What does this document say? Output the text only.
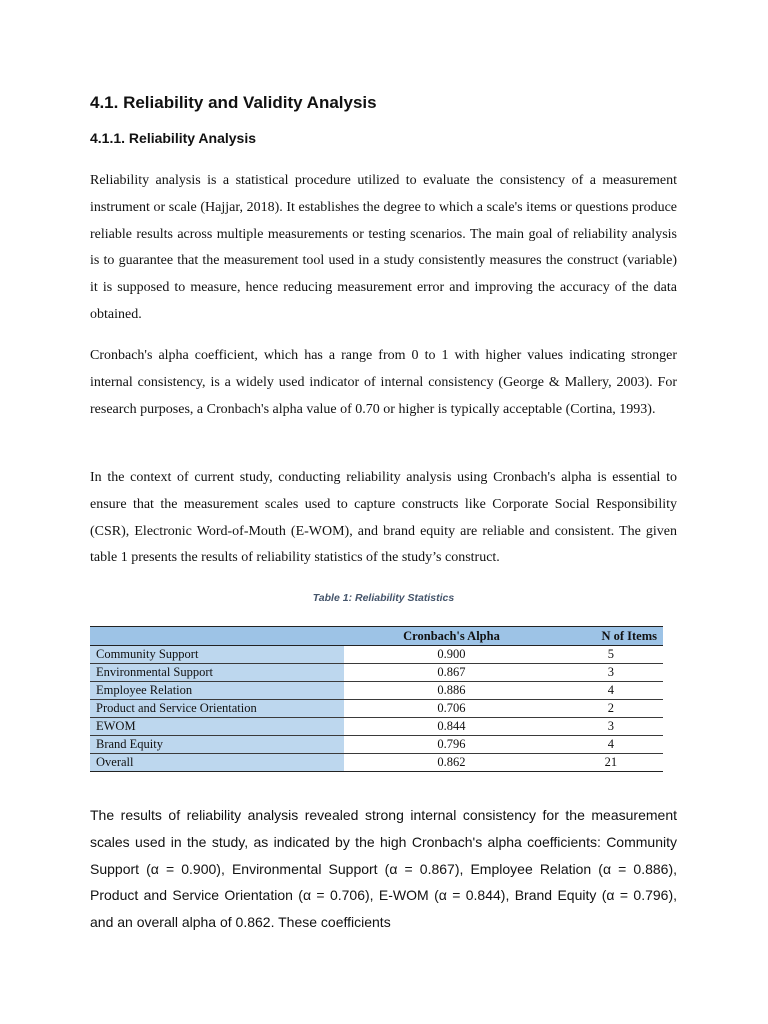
4.1. Reliability and Validity Analysis
4.1.1. Reliability Analysis

Reliability analysis is a statistical procedure utilized to evaluate the consistency of a measurement instrument or scale (Hajjar, 2018). It establishes the degree to which a scale's items or questions produce reliable results across multiple measurements or testing scenarios. The main goal of reliability analysis is to guarantee that the measurement tool used in a study consistently measures the construct (variable) it is supposed to measure, hence reducing measurement error and improving the accuracy of the data obtained.

Cronbach's alpha coefficient, which has a range from 0 to 1 with higher values indicating stronger internal consistency, is a widely used indicator of internal consistency (George & Mallery, 2003). For research purposes, a Cronbach's alpha value of 0.70 or higher is typically acceptable (Cortina, 1993).

In the context of current study, conducting reliability analysis using Cronbach's alpha is essential to ensure that the measurement scales used to capture constructs like Corporate Social Responsibility (CSR), Electronic Word-of-Mouth (E-WOM), and brand equity are reliable and consistent. The given table 1 presents the results of reliability statistics of the study’s construct.

Table 1: Reliability Statistics
	Cronbach's Alpha	N of Items
Community Support	0.900	5
Environmental Support	0.867	3
Employee Relation	0.886	4
Product and Service Orientation	0.706	2
EWOM	0.844	3
Brand Equity	0.796	4
Overall	0.862	21

The results of reliability analysis revealed strong internal consistency for the measurement scales used in the study, as indicated by the high Cronbach's alpha coefficients: Community Support (α = 0.900), Environmental Support (α = 0.867), Employee Relation (α = 0.886), Product and Service Orientation (α = 0.706), E-WOM (α = 0.844), Brand Equity (α = 0.796), and an overall alpha of 0.862. These coefficients
